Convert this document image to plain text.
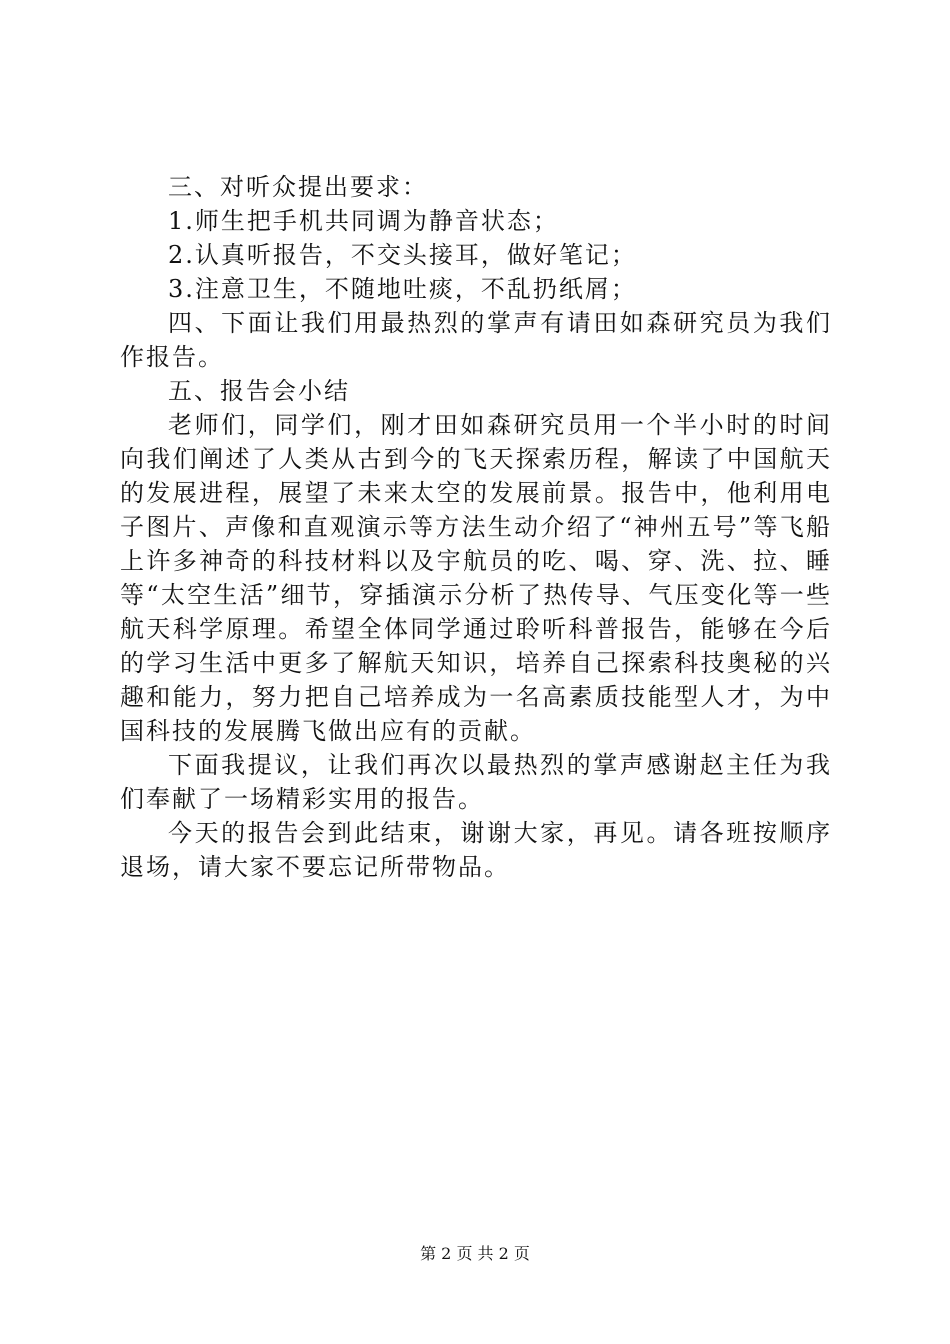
三、对听众提出要求：

1.师生把手机共同调为静音状态；

2.认真听报告，不交头接耳，做好笔记；

3.注意卫生，不随地吐痰，不乱扔纸屑；

四、下面让我们用最热烈的掌声有请田如森研究员为我们作报告。

五、报告会小结

老师们，同学们，刚才田如森研究员用一个半小时的时间向我们阐述了人类从古到今的飞天探索历程，解读了中国航天的发展进程，展望了未来太空的发展前景。报告中，他利用电子图片、声像和直观演示等方法生动介绍了“神州五号”等飞船上许多神奇的科技材料以及宇航员的吃、喝、穿、洗、拉、睡等“太空生活”细节，穿插演示分析了热传导、气压变化等一些航天科学原理。希望全体同学通过聆听科普报告，能够在今后的学习生活中更多了解航天知识，培养自己探索科技奥秘的兴趣和能力，努力把自己培养成为一名高素质技能型人才，为中国科技的发展腾飞做出应有的贡献。

下面我提议，让我们再次以最热烈的掌声感谢赵主任为我们奉献了一场精彩实用的报告。

今天的报告会到此结束，谢谢大家，再见。请各班按顺序退场，请大家不要忘记所带物品。

第 2 页 共 2 页
